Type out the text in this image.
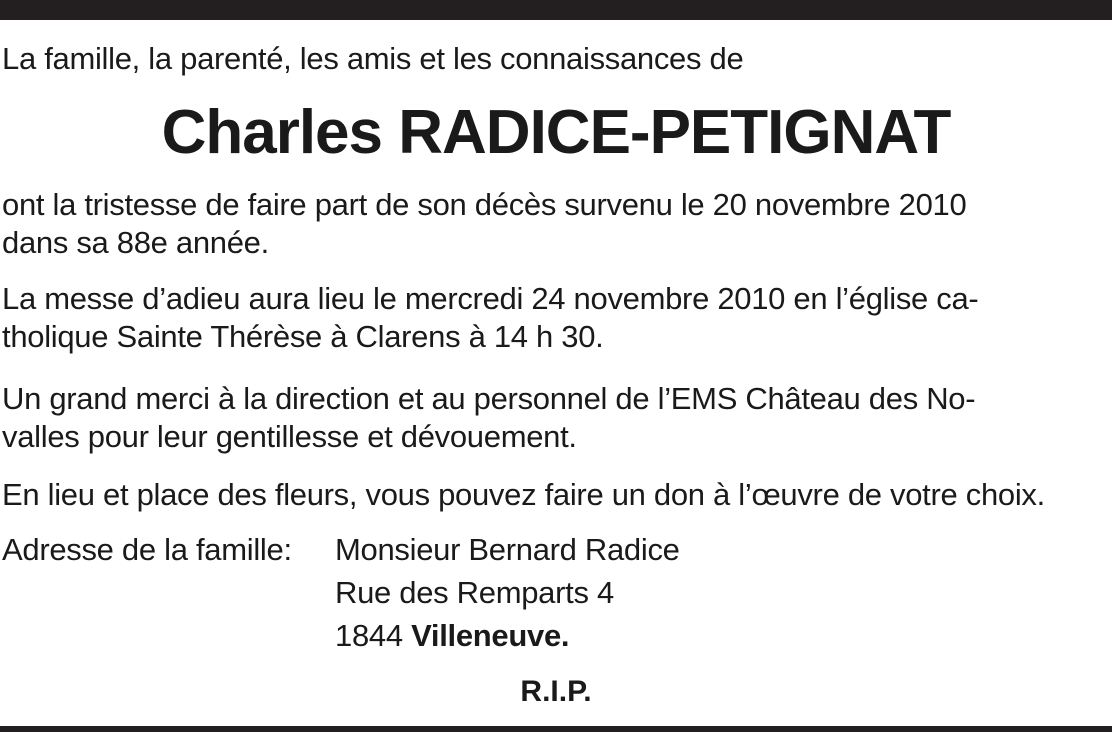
La famille, la parenté, les amis et les connaissances de
Charles RADICE-PETIGNAT
ont la tristesse de faire part de son décès survenu le 20 novembre 2010
dans sa 88e année.
La messe d’adieu aura lieu le mercredi 24 novembre 2010 en l’église ca-
tholique Sainte Thérèse à Clarens à 14 h 30.
Un grand merci à la direction et au personnel de l’EMS Château des No-
valles pour leur gentillesse et dévouement.
En lieu et place des fleurs, vous pouvez faire un don à l’œuvre de votre choix.
Adresse de la famille: Monsieur Bernard Radice
Rue des Remparts 4
1844 Villeneuve.
R.I.P.
